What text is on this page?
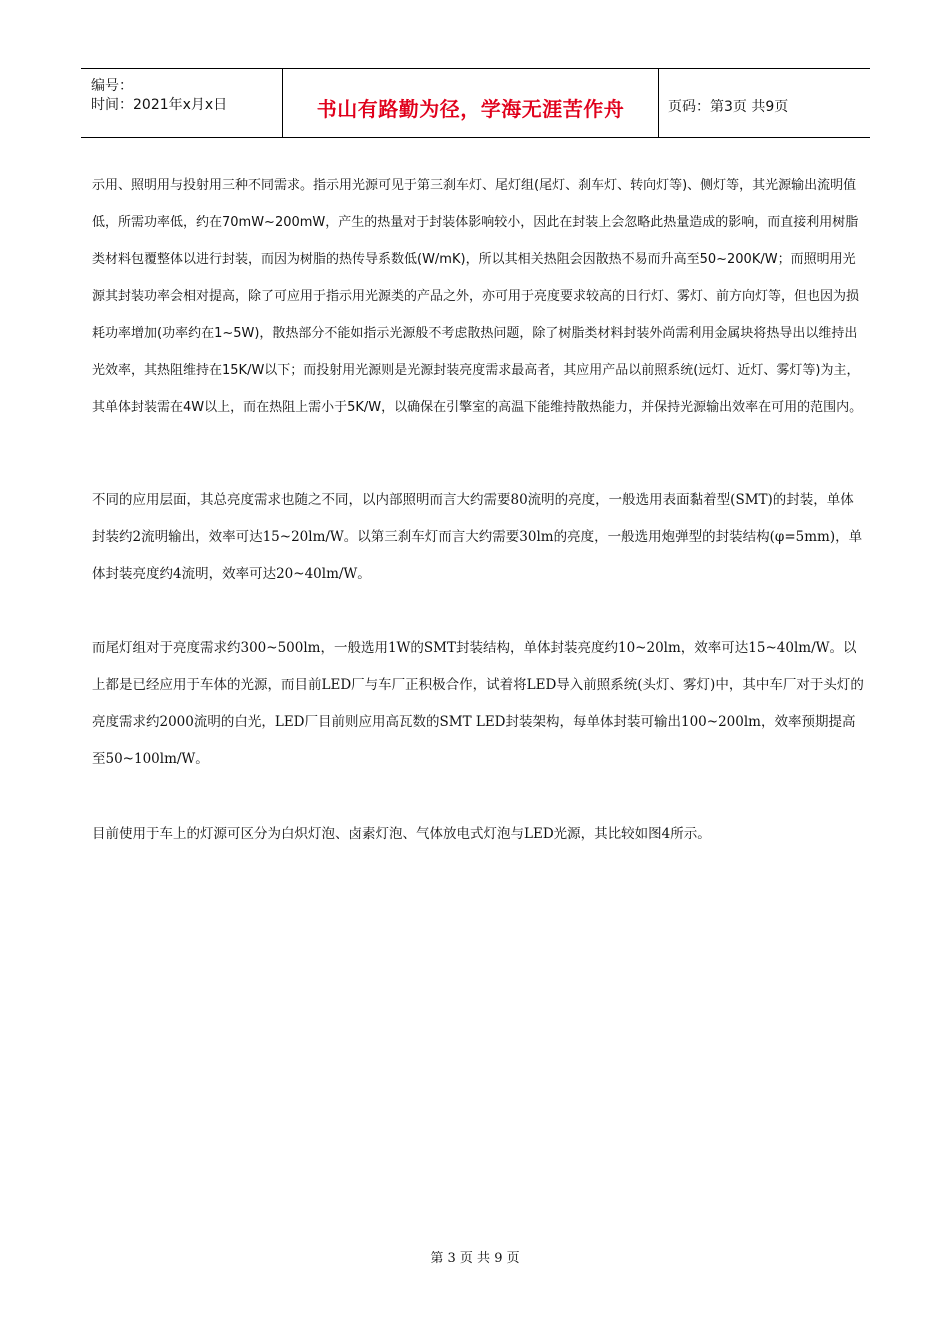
编号：
时间：2021年x月x日	书山有路勤为径，学海无涯苦作舟	页码：第3页 共9页
示用、照明用与投射用三种不同需求。指示用光源可见于第三刹车灯、尾灯组(尾灯、刹车灯、转向灯等)、侧灯等，其光源输出流明值低，所需功率低，约在70mW~200mW，产生的热量对于封装体影响较小，因此在封装上会忽略此热量造成的影响，而直接利用树脂类材料包覆整体以进行封装，而因为树脂的热传导系数低(W/mK)，所以其相关热阻会因散热不易而升高至50~200K/W；而照明用光源其封装功率会相对提高，除了可应用于指示用光源类的产品之外，亦可用于亮度要求较高的日行灯、雾灯、前方向灯等，但也因为损耗功率增加(功率约在1~5W)，散热部分不能如指示光源般不考虑散热问题，除了树脂类材料封装外尚需利用金属块将热导出以维持出光效率，其热阻维持在15K/W以下；而投射用光源则是光源封装亮度需求最高者，其应用产品以前照系统(远灯、近灯、雾灯等)为主，其单体封装需在4W以上，而在热阻上需小于5K/W，以确保在引擎室的高温下能维持散热能力，并保持光源输出效率在可用的范围内。
不同的应用层面，其总亮度需求也随之不同，以内部照明而言大约需要80流明的亮度，一般选用表面黏着型(SMT)的封装，单体封装约2流明输出，效率可达15~20lm/W。以第三刹车灯而言大约需要30lm的亮度，一般选用炮弹型的封装结构(φ=5mm)，单体封装亮度约4流明，效率可达20~40lm/W。
而尾灯组对于亮度需求约300~500lm，一般选用1W的SMT封装结构，单体封装亮度约10~20lm，效率可达15~40lm/W。以上都是已经应用于车体的光源，而目前LED厂与车厂正积极合作，试着将LED导入前照系统(头灯、雾灯)中，其中车厂对于头灯的亮度需求约2000流明的白光，LED厂目前则应用高瓦数的SMT LED封装架构，每单体封装可输出100~200lm，效率预期提高至50~100lm/W。
目前使用于车上的灯源可区分为白炽灯泡、卤素灯泡、气体放电式灯泡与LED光源，其比较如图4所示。
第 3 页 共 9 页
